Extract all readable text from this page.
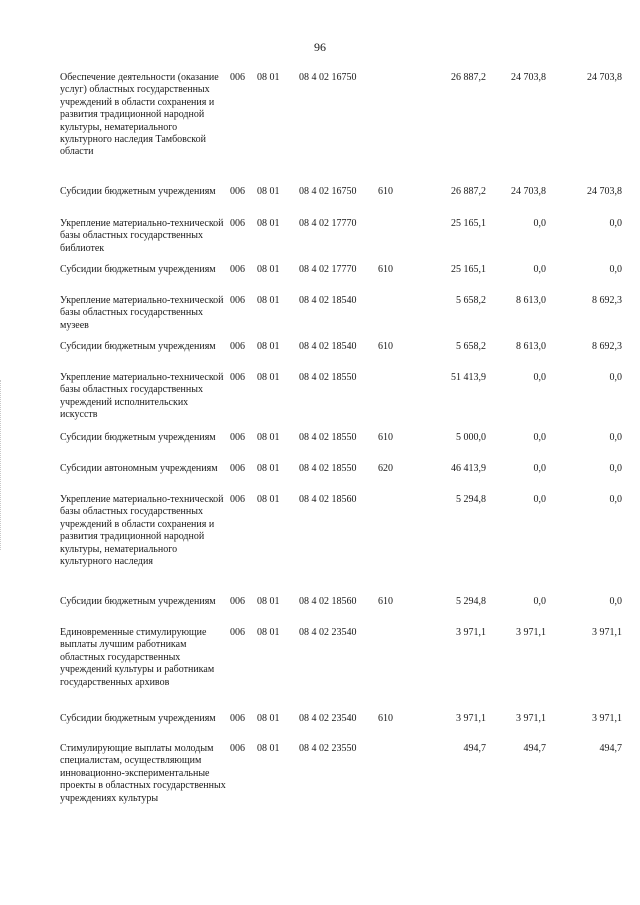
96
Обеспечение деятельности (оказание услуг) областных государственных учреждений в области сохранения и развития традиционной народной культуры, нематериального культурного наследия Тамбовской области
006 08 01 08 4 02 16750	26 887,2	24 703,8	24 703,8
Субсидии бюджетным учреждениям	006 08 01 08 4 02 16750 610	26 887,2	24 703,8	24 703,8
Укрепление материально-технической базы областных государственных библиотек
006 08 01 08 4 02 17770	25 165,1	0,0	0,0
Субсидии бюджетным учреждениям	006 08 01 08 4 02 17770 610	25 165,1	0,0	0,0
Укрепление материально-технической базы областных государственных музеев
006 08 01 08 4 02 18540	5 658,2	8 613,0	8 692,3
Субсидии бюджетным учреждениям	006 08 01 08 4 02 18540 610	5 658,2	8 613,0	8 692,3
Укрепление материально-технической базы областных государственных учреждений исполнительских искусств
006 08 01 08 4 02 18550	51 413,9	0,0	0,0
Субсидии бюджетным учреждениям	006 08 01 08 4 02 18550 610	5 000,0	0,0	0,0
Субсидии автономным учреждениям	006 08 01 08 4 02 18550 620	46 413,9	0,0	0,0
Укрепление материально-технической базы областных государственных учреждений в области сохранения и развития традиционной народной культуры, нематериального культурного наследия
006 08 01 08 4 02 18560	5 294,8	0,0	0,0
Субсидии бюджетным учреждениям	006 08 01 08 4 02 18560 610	5 294,8	0,0	0,0
Единовременные стимулирующие выплаты лучшим работникам областных государственных учреждений культуры и работникам государственных архивов
006 08 01 08 4 02 23540	3 971,1	3 971,1	3 971,1
Субсидии бюджетным учреждениям	006 08 01 08 4 02 23540 610	3 971,1	3 971,1	3 971,1
Стимулирующие выплаты молодым специалистам, осуществляющим инновационно-экспериментальные проекты в областных государственных учреждениях культуры
006 08 01 08 4 02 23550	494,7	494,7	494,7
